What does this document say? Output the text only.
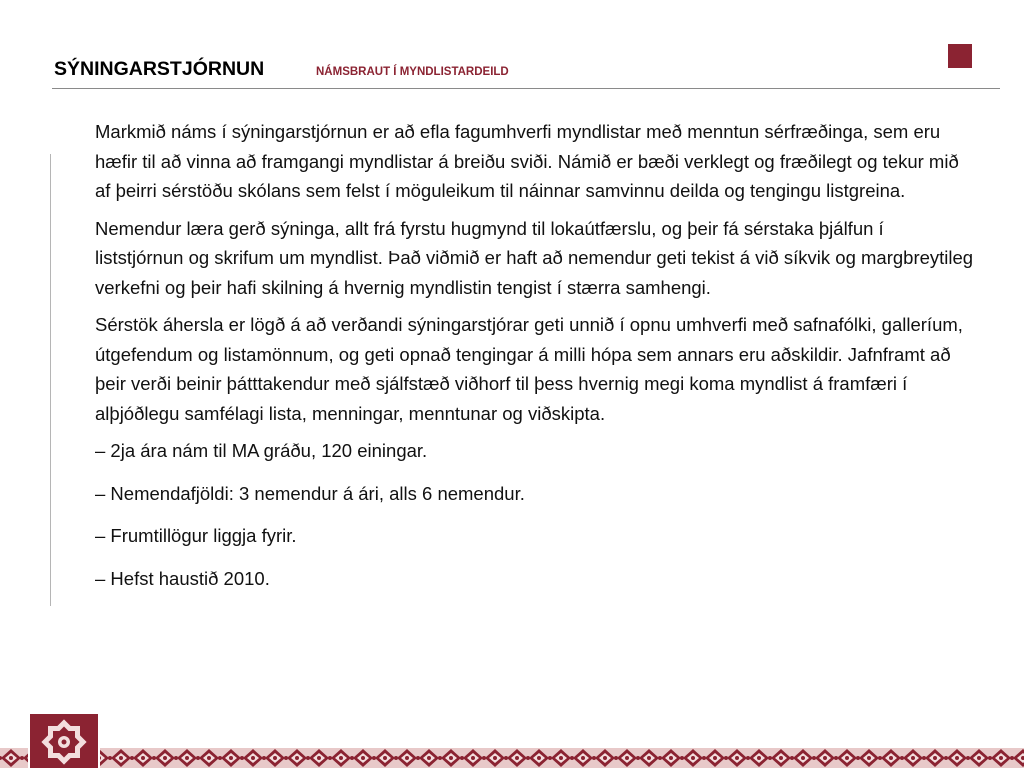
SÝNINGARSTJÓRNUN	NÁMSBRAUT Í MYNDLISTARDEILD

Markmið náms í sýningarstjórnun er að efla fagumhverfi myndlistar með menntun sérfræðinga, sem eru hæfir til að vinna að framgangi myndlistar á breiðu sviði. Námið er bæði verklegt og fræðilegt og tekur mið af þeirri sérstöðu skólans sem felst í möguleikum til náinnar samvinnu deilda og tengingu listgreina.

Nemendur læra gerð sýninga, allt frá fyrstu hugmynd til lokaútfærslu, og þeir fá sérstaka þjálfun í liststjórnun og skrifum um myndlist. Það viðmið er haft að nemendur geti tekist á við síkvik og margbreytileg verkefni og þeir hafi skilning á hvernig myndlistin tengist í stærra samhengi.

Sérstök áhersla er lögð á að verðandi sýningarstjórar geti unnið í opnu umhverfi með safnafólki, galleríum, útgefendum og listamönnum, og geti opnað tengingar á milli hópa sem annars eru aðskildir. Jafnframt að þeir verði beinir þátttakendur með sjálfstæð viðhorf til þess hvernig megi koma myndlist á framfæri í alþjóðlegu samfélagi lista, menningar, menntunar og viðskipta.

– 2ja ára nám til MA gráðu, 120 einingar.

– Nemendafjöldi: 3 nemendur á ári, alls 6 nemendur.

– Frumtillögur liggja fyrir.

– Hefst haustið 2010.
